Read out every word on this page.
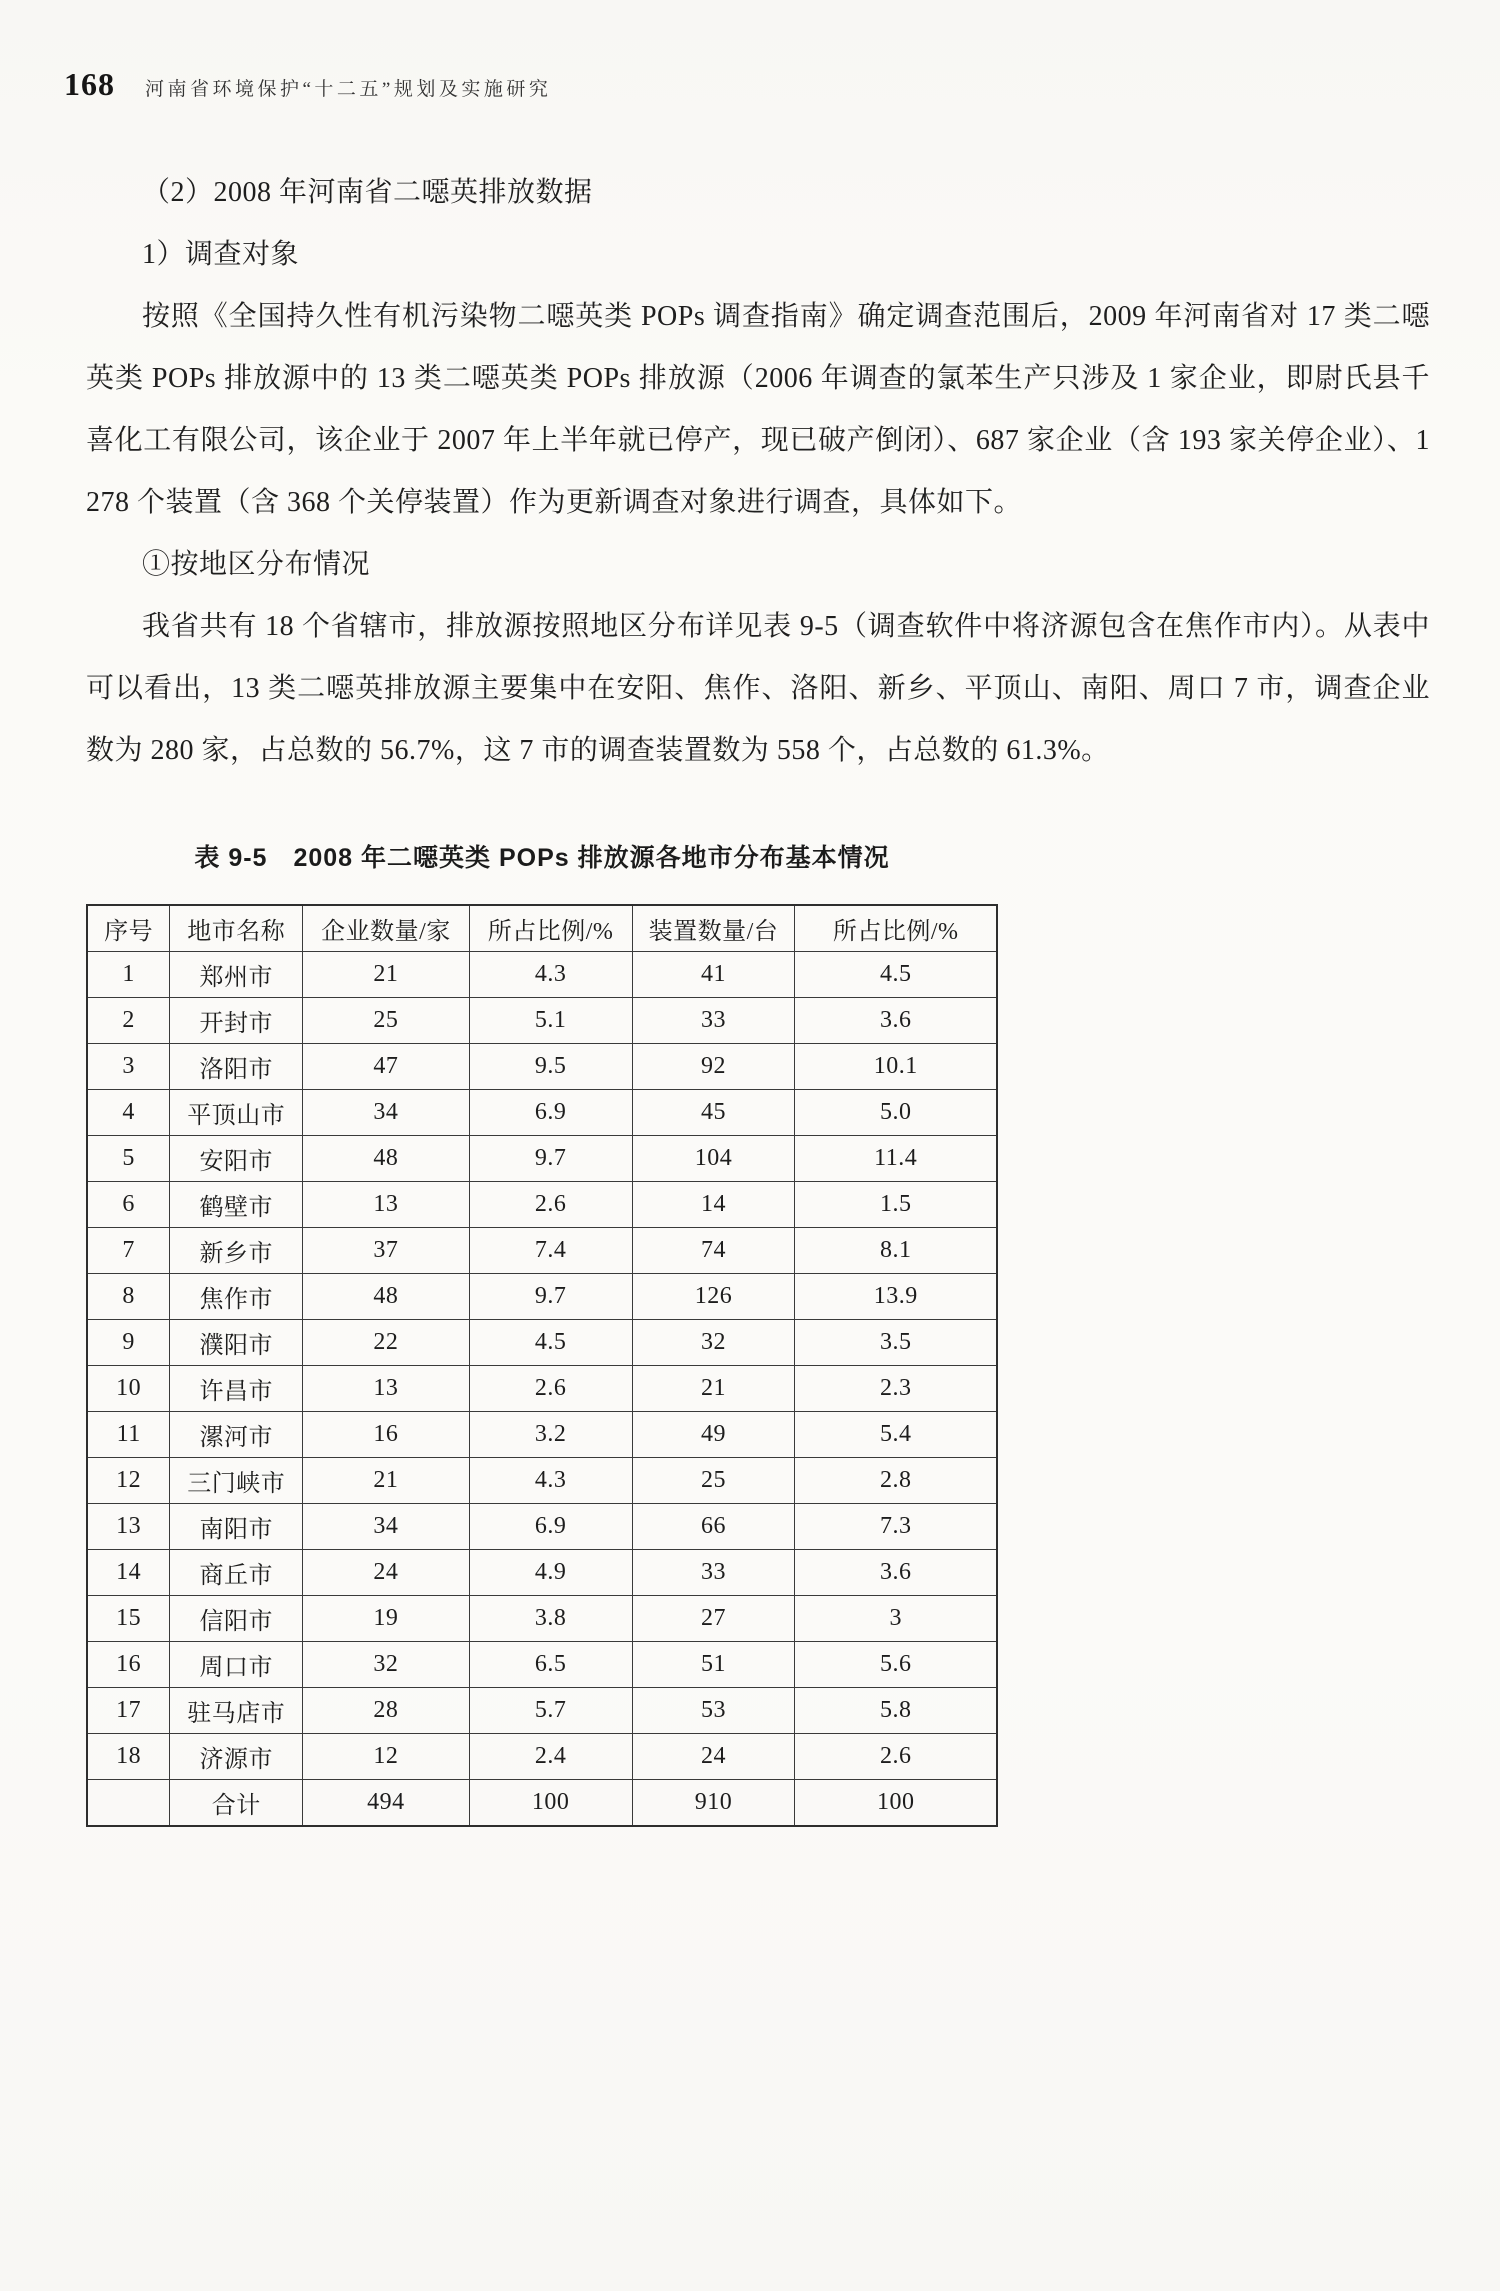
168 河南省环境保护“十二五”规划及实施研究

（2）2008 年河南省二噁英排放数据

1）调查对象

按照《全国持久性有机污染物二噁英类 POPs 调查指南》确定调查范围后，2009 年河南省对 17 类二噁英类 POPs 排放源中的 13 类二噁英类 POPs 排放源（2006 年调查的氯苯生产只涉及 1 家企业，即尉氏县千喜化工有限公司，该企业于 2007 年上半年就已停产，现已破产倒闭）、687 家企业（含 193 家关停企业）、1 278 个装置（含 368 个关停装置）作为更新调查对象进行调查，具体如下。

①按地区分布情况

我省共有 18 个省辖市，排放源按照地区分布详见表 9-5（调查软件中将济源包含在焦作市内）。从表中可以看出，13 类二噁英排放源主要集中在安阳、焦作、洛阳、新乡、平顶山、南阳、周口 7 市，调查企业数为 280 家，占总数的 56.7%，这 7 市的调查装置数为 558 个，占总数的 61.3%。

表 9-5　2008 年二噁英类 POPs 排放源各地市分布基本情况
序号	地市名称	企业数量/家	所占比例/%	装置数量/台	所占比例/%
1	郑州市	21	4.3	41	4.5
2	开封市	25	5.1	33	3.6
3	洛阳市	47	9.5	92	10.1
4	平顶山市	34	6.9	45	5.0
5	安阳市	48	9.7	104	11.4
6	鹤壁市	13	2.6	14	1.5
7	新乡市	37	7.4	74	8.1
8	焦作市	48	9.7	126	13.9
9	濮阳市	22	4.5	32	3.5
10	许昌市	13	2.6	21	2.3
11	漯河市	16	3.2	49	5.4
12	三门峡市	21	4.3	25	2.8
13	南阳市	34	6.9	66	7.3
14	商丘市	24	4.9	33	3.6
15	信阳市	19	3.8	27	3
16	周口市	32	6.5	51	5.6
17	驻马店市	28	5.7	53	5.8
18	济源市	12	2.4	24	2.6
	合计	494	100	910	100
